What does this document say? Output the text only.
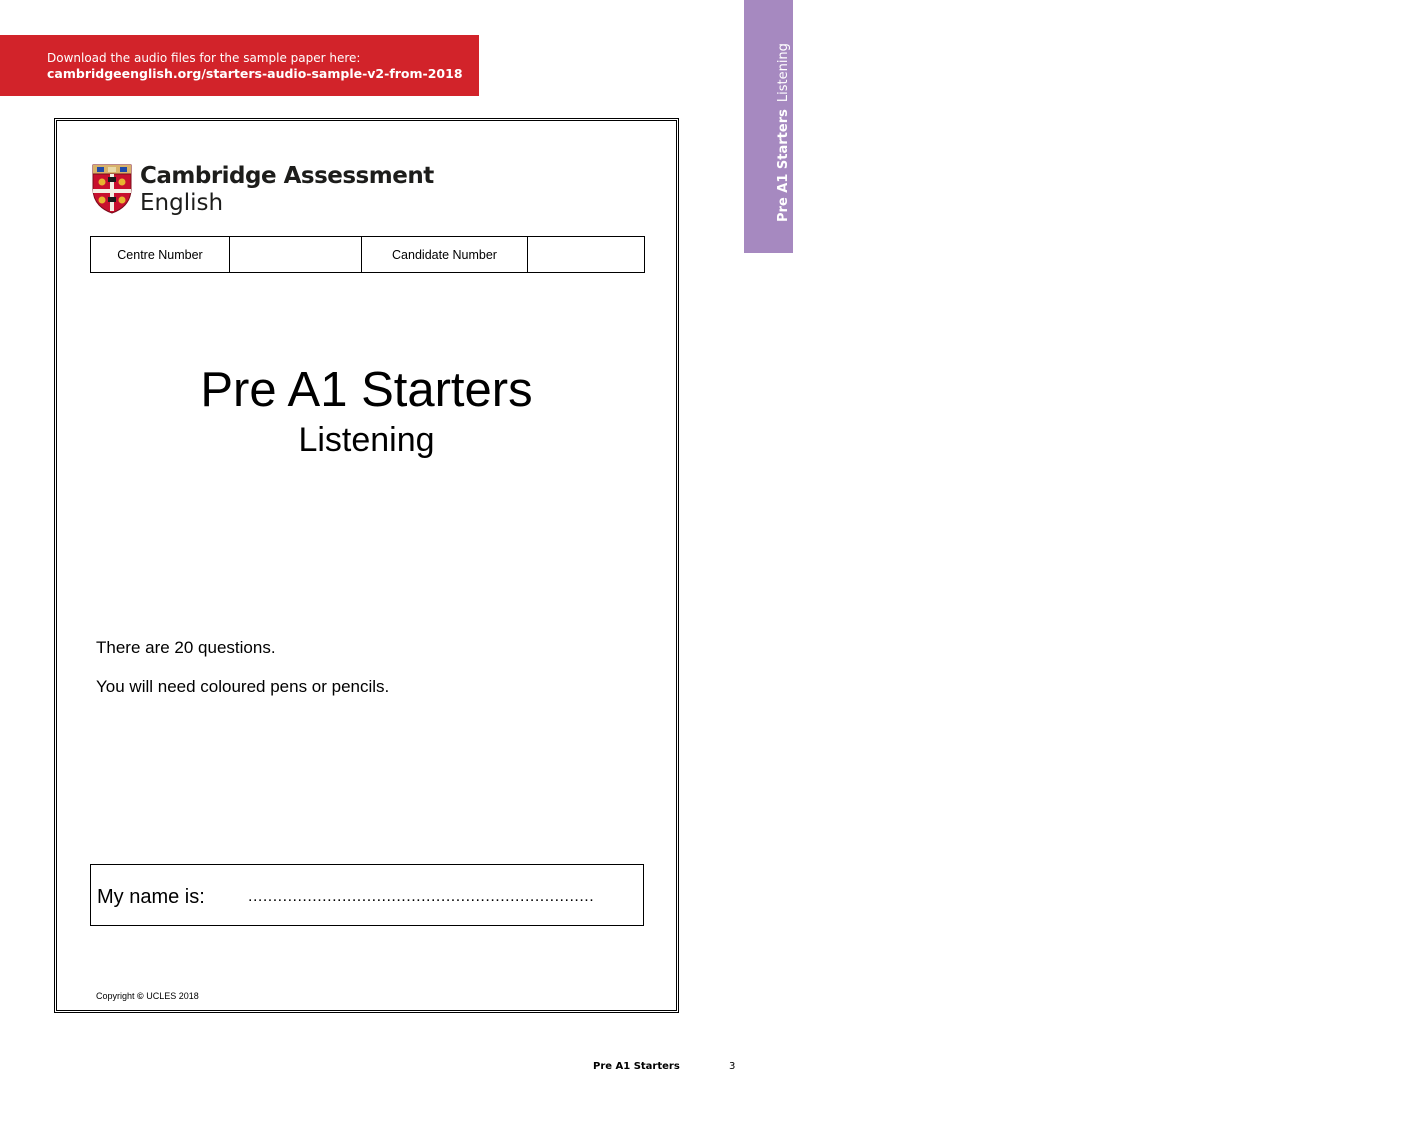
Download the audio files for the sample paper here:
cambridgeenglish.org/starters-audio-sample-v2-from-2018
Pre A1 StartersListening
Cambridge Assessment
English
Centre Number		Candidate Number	
Pre A1 Starters
Listening
There are 20 questions.
You will need coloured pens or pencils.
My name is:	......................................................................
Copyright © UCLES 2018
Pre A1 Starters	3
